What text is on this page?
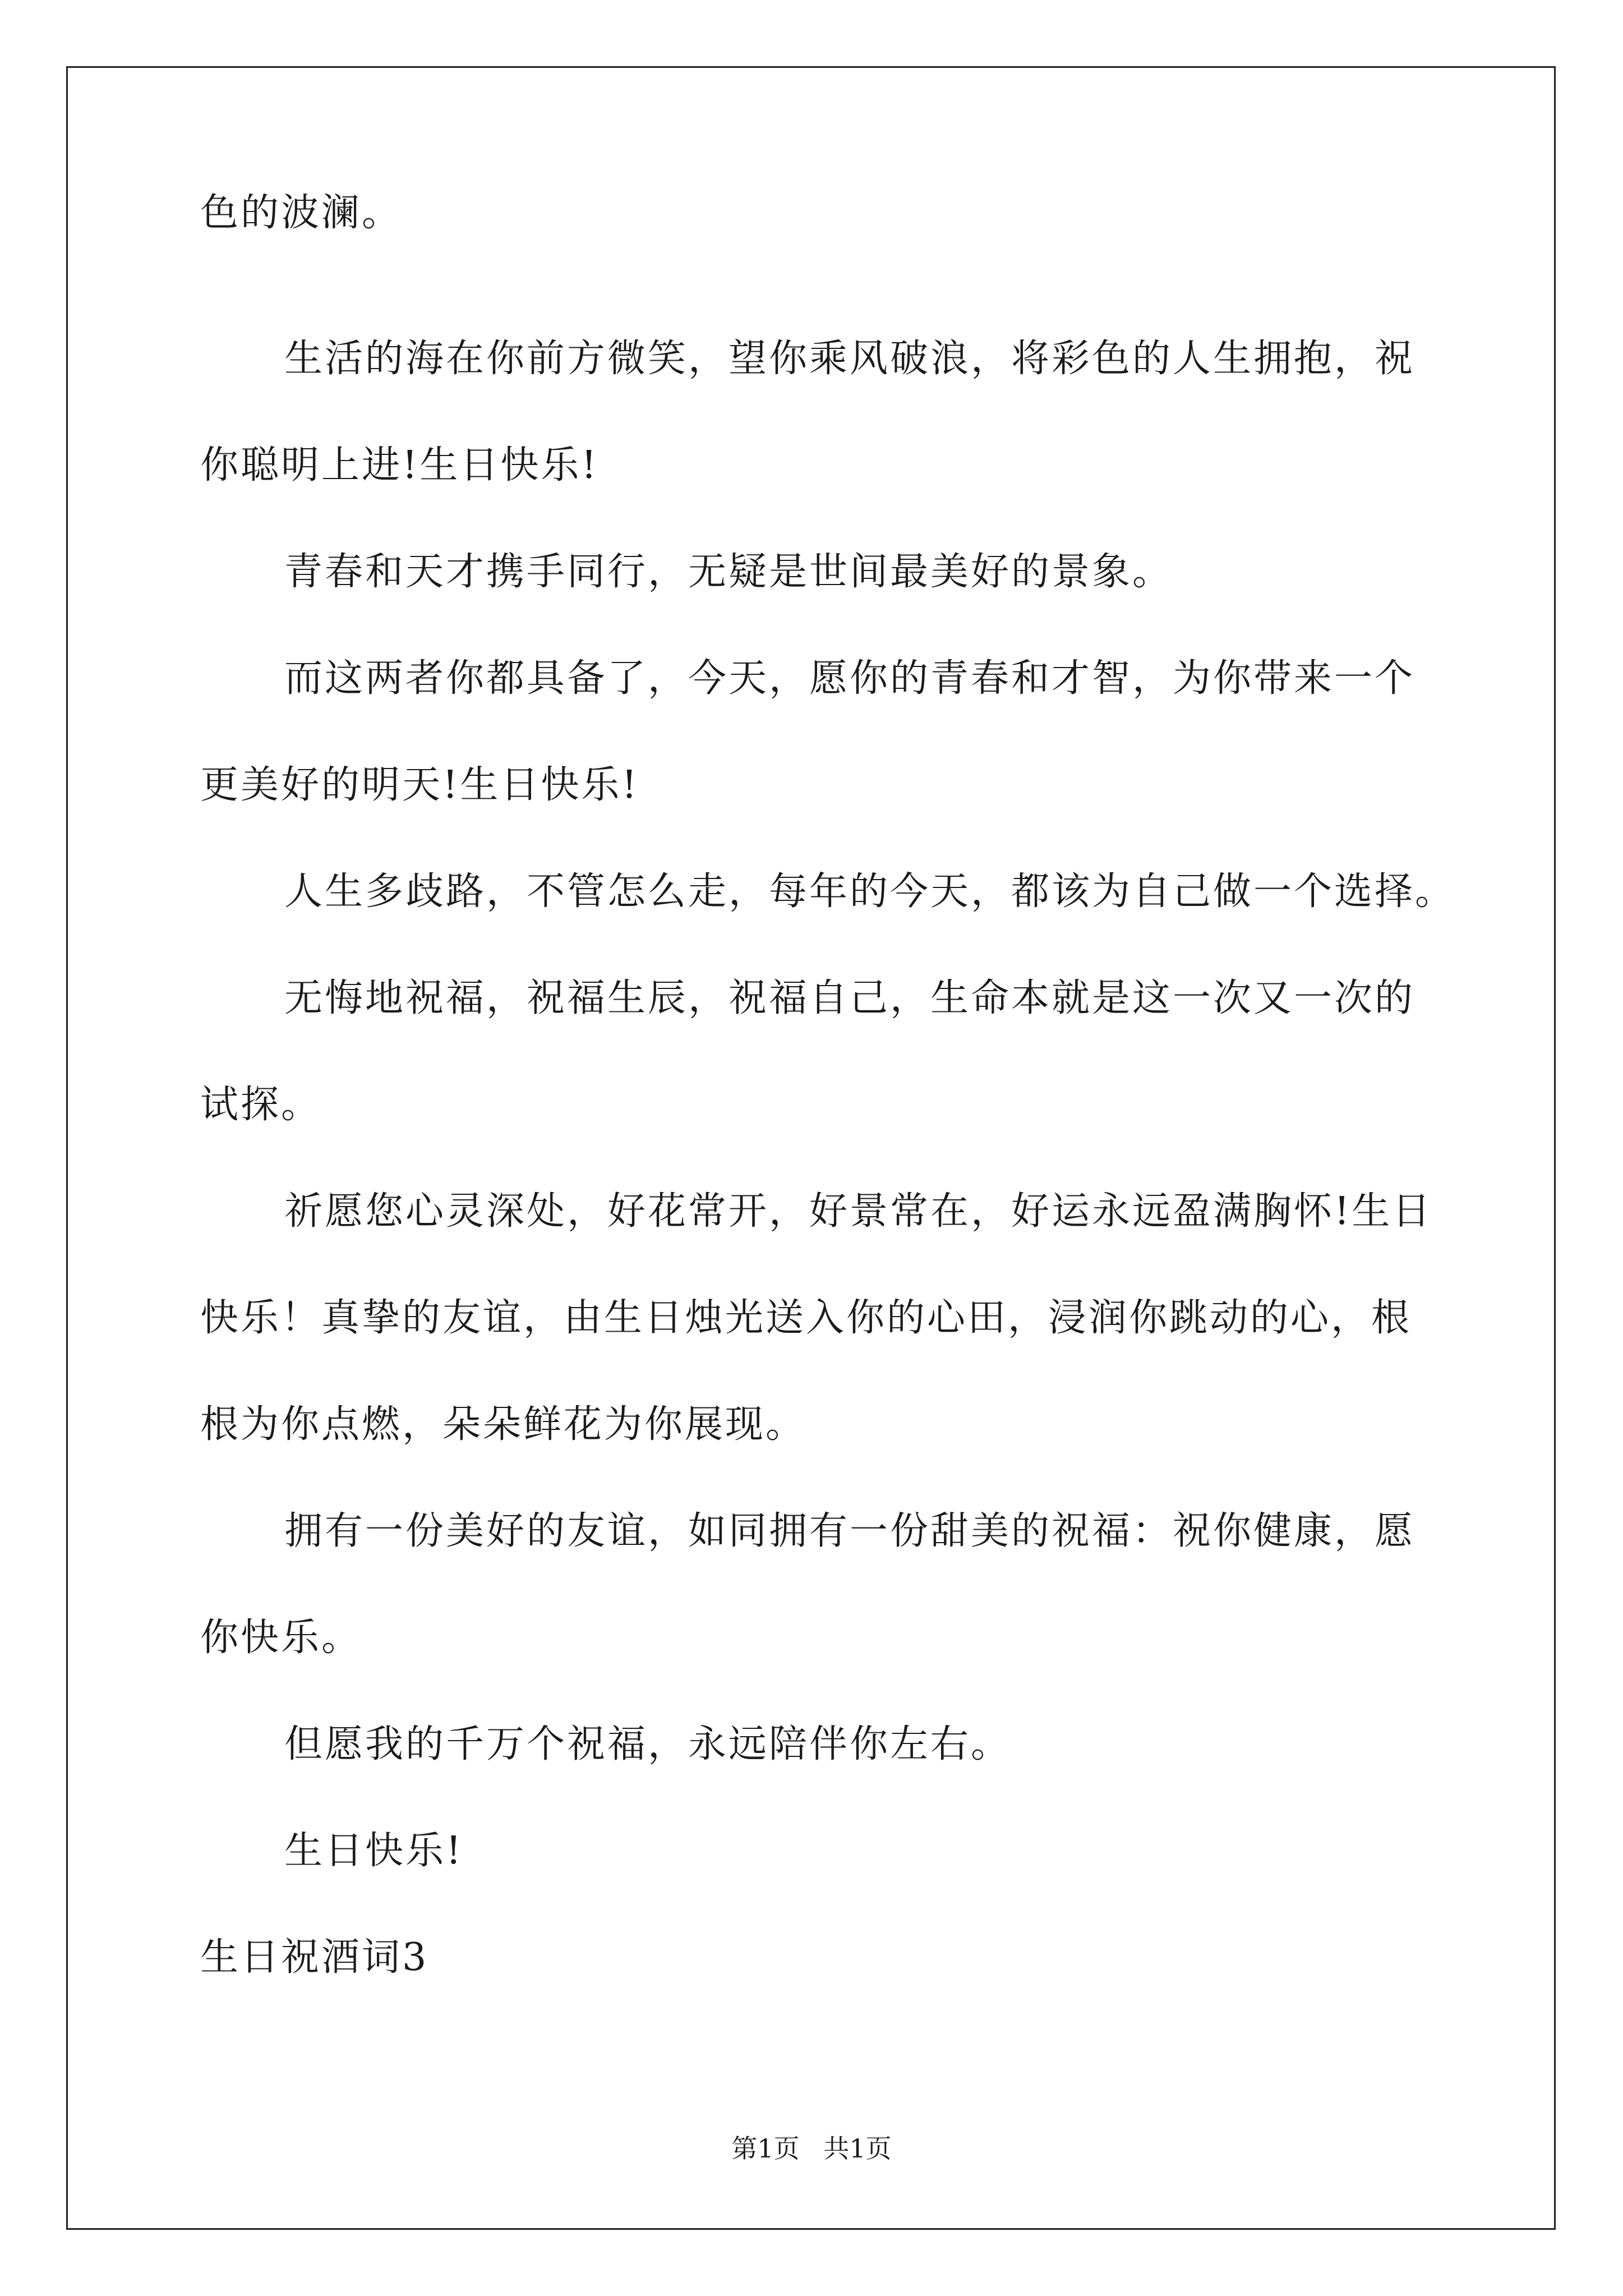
色的波澜。
生活的海在你前方微笑，望你乘风破浪，将彩色的人生拥抱，祝
你聪明上进!生日快乐!
青春和天才携手同行，无疑是世间最美好的景象。
而这两者你都具备了，今天，愿你的青春和才智，为你带来一个
更美好的明天!生日快乐!
人生多歧路，不管怎么走，每年的今天，都该为自己做一个选择。
无悔地祝福，祝福生辰，祝福自己，生命本就是这一次又一次的
试探。
祈愿您心灵深处，好花常开，好景常在，好运永远盈满胸怀!生日
快乐！真挚的友谊，由生日烛光送入你的心田，浸润你跳动的心，根
根为你点燃，朵朵鲜花为你展现。
拥有一份美好的友谊，如同拥有一份甜美的祝福：祝你健康，愿
你快乐。
但愿我的千万个祝福，永远陪伴你左右。
生日快乐!
生日祝酒词3
第1页 共1页
